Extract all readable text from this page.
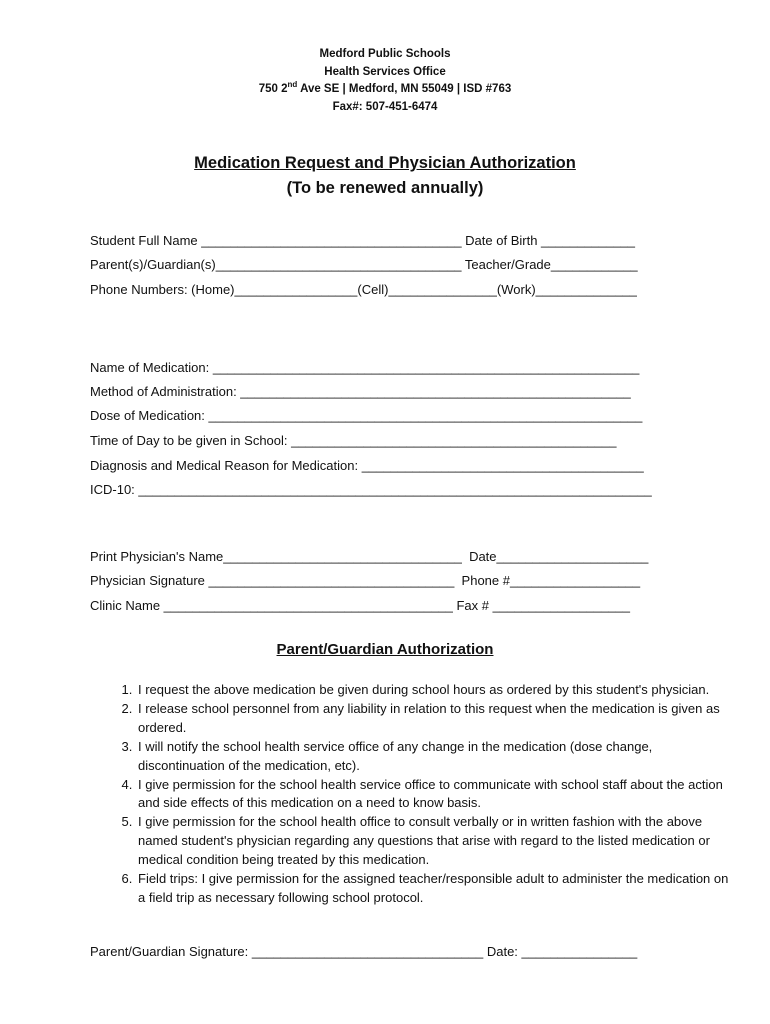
Medford Public Schools
Health Services Office
750 2nd Ave SE | Medford, MN 55049 | ISD #763
Fax#: 507-451-6474
Medication Request and Physician Authorization
(To be renewed annually)

Student Full Name ____________________________________ Date of Birth _____________

Parent(s)/Guardian(s)__________________________________ Teacher/Grade____________

Phone Numbers: (Home)_________________(Cell)_______________(Work)______________

Name of Medication: ___________________________________________________________

Method of Administration: ______________________________________________________

Dose of Medication: ____________________________________________________________

Time of Day to be given in School: _____________________________________________

Diagnosis and Medical Reason for Medication: _______________________________________

ICD-10: _______________________________________________________________________

Print Physician's Name_________________________________  Date_____________________

Physician Signature __________________________________  Phone #__________________

Clinic Name ________________________________________ Fax # ___________________

Parent/Guardian Authorization
1. I request the above medication be given during school hours as ordered by this student's physician.
2. I release school personnel from any liability in relation to this request when the medication is given as ordered.
3. I will notify the school health service office of any change in the medication (dose change, discontinuation of the medication, etc).
4. I give permission for the school health service office to communicate with school staff about the action and side effects of this medication on a need to know basis.
5. I give permission for the school health office to consult verbally or in written fashion with the above named student's physician regarding any questions that arise with regard to the listed medication or medical condition being treated by this medication.
6. Field trips: I give permission for the assigned teacher/responsible adult to administer the medication on a field trip as necessary following school protocol.

Parent/Guardian Signature: ________________________________ Date: ________________
